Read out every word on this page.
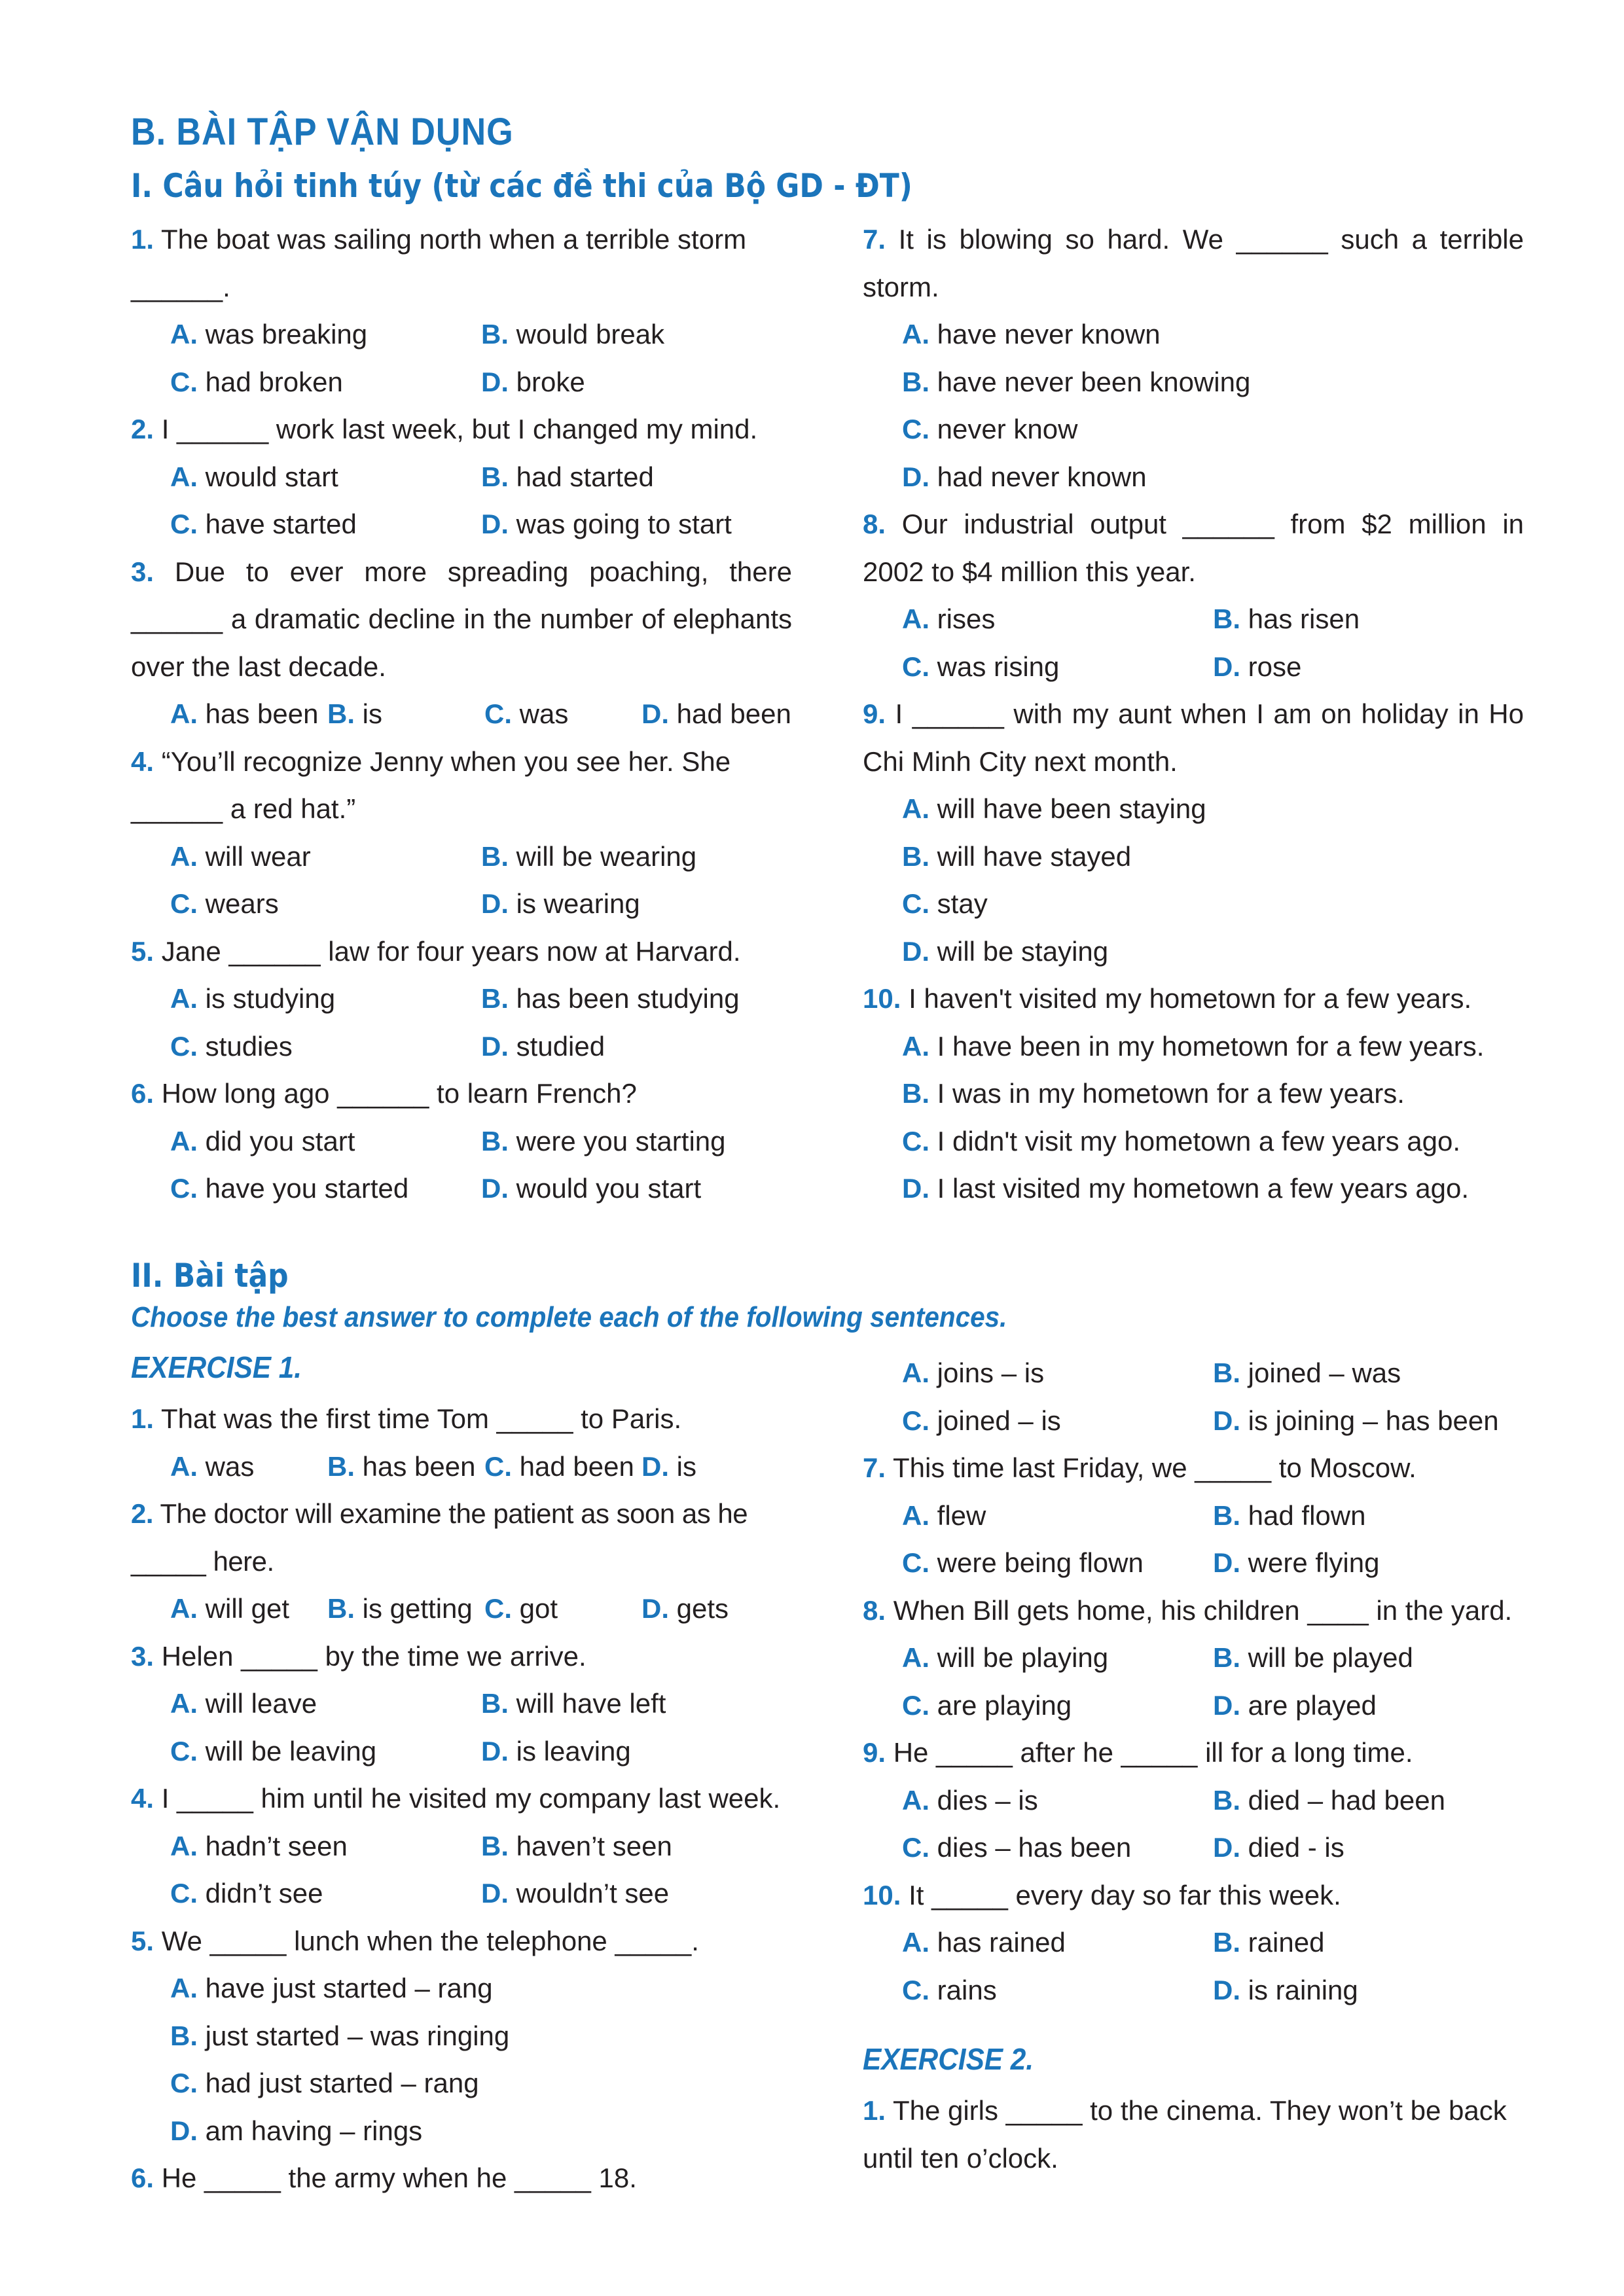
B. BÀI TẬP VẬN DỤNG
I. Câu hỏi tinh túy (từ các đề thi của Bộ GD - ĐT)

1. The boat was sailing north when a terrible storm ______.

A. was breaking	B. would break
C. had broken	D. broke

2. I ______ work last week, but I changed my mind.

A. would start	B. had started
C. have started	D. was going to start

3. Due to ever more spreading poaching, there ______ a dramatic decline in the number of elephants over the last decade.

A. has been B. is	C. was	D. had been

4. “You’ll recognize Jenny when you see her. She ______ a red hat.”

A. will wear	B. will be wearing
C. wears	D. is wearing

5. Jane ______ law for four years now at Harvard.

A. is studying	B. has been studying
C. studies	D. studied

6. How long ago ______ to learn French?

A. did you start	B. were you starting
C. have you started	D. would you start

7. It is blowing so hard. We ______ such a terrible storm.

A. have never known
B. have never been knowing
C. never know
D. had never known

8. Our industrial output ______ from $2 million in 2002 to $4 million this year.

A. rises	B. has risen
C. was rising	D. rose

9. I ______ with my aunt when I am on holiday in Ho Chi Minh City next month.

A. will have been staying
B. will have stayed
C. stay
D. will be staying

10. I haven't visited my hometown for a few years.

A. I have been in my hometown for a few years.
B. I was in my hometown for a few years.
C. I didn't visit my hometown a few years ago.
D. I last visited my hometown a few years ago.
II. Bài tập
Choose the best answer to complete each of the following sentences.
EXERCISE 1.

1. That was the first time Tom _____ to Paris.

A. was	B. has been C. had been D. is

2. The doctor will examine the patient as soon as he _____ here.

A. will get	B. is getting C. got	D. gets

3. Helen _____ by the time we arrive.

A. will leave	B. will have left
C. will be leaving	D. is leaving

4. I _____ him until he visited my company last week.

A. hadn’t seen	B. haven’t seen
C. didn’t see	D. wouldn’t see

5. We _____ lunch when the telephone _____.

A. have just started – rang
B. just started – was ringing
C. had just started – rang
D. am having – rings

6. He _____ the army when he _____ 18.

A. joins – is	B. joined – was
C. joined – is	D. is joining – has been

7. This time last Friday, we _____ to Moscow.

A. flew	B. had flown
C. were being flown	D. were flying

8. When Bill gets home, his children ____ in the yard.

A. will be playing	B. will be played
C. are playing	D. are played

9. He _____ after he _____ ill for a long time.

A. dies – is	B. died – had been
C. dies – has been	D. died - is

10. It _____ every day so far this week.

A. has rained	B. rained
C. rains	D. is raining
EXERCISE 2.

1. The girls _____ to the cinema. They won’t be back until ten o’clock.
